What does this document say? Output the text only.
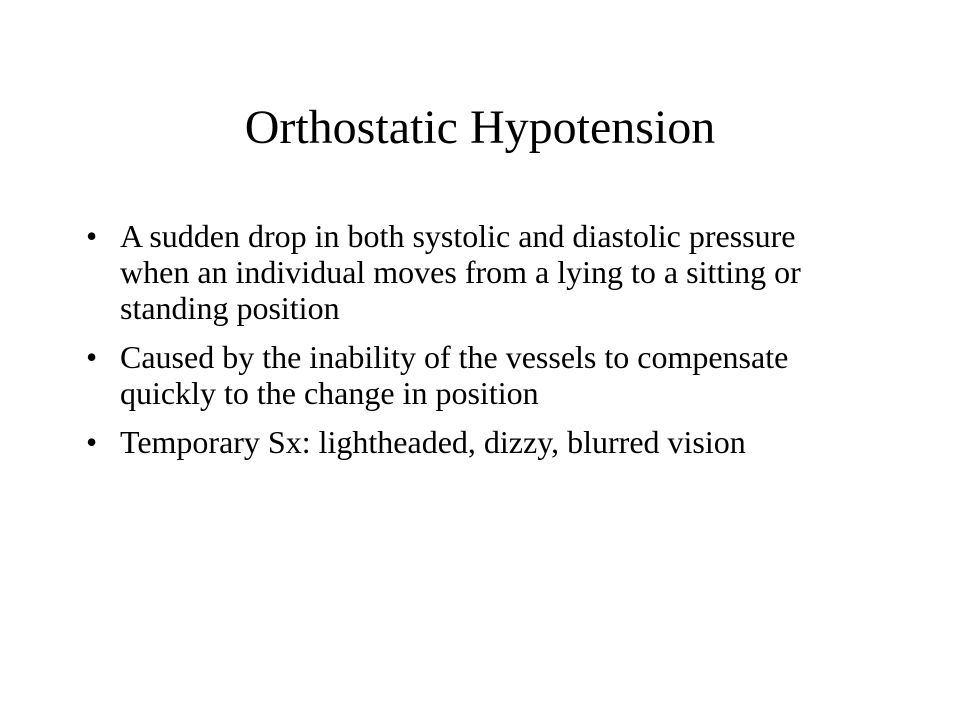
Orthostatic Hypotension
• A sudden drop in both systolic and diastolic pressure when an individual moves from a lying to a sitting or standing position
• Caused by the inability of the vessels to compensate quickly to the change in position
• Temporary Sx: lightheaded, dizzy, blurred vision
